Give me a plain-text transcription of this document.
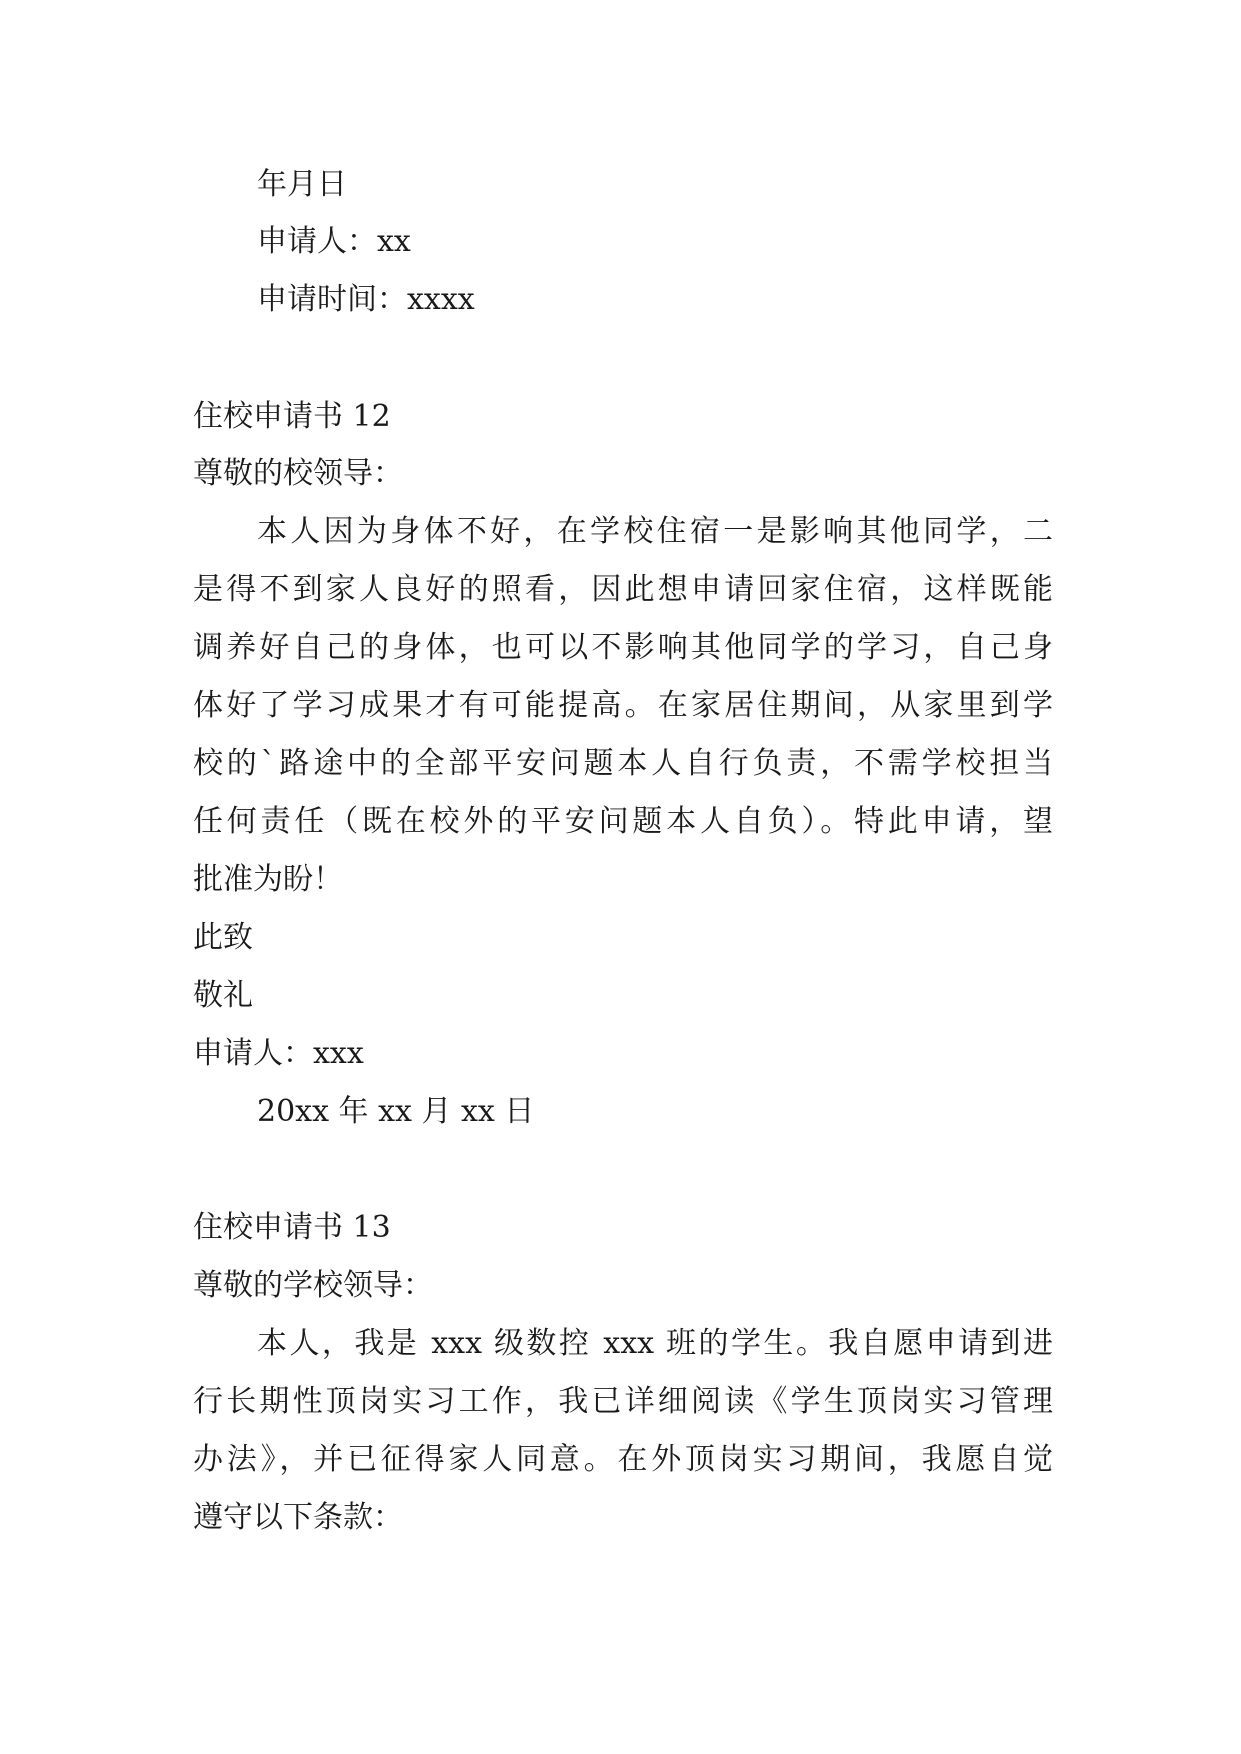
年月日
申请人：xx
申请时间：xxxx
住校申请书 12
尊敬的校领导：
本人因为身体不好，在学校住宿一是影响其他同学，二
是得不到家人良好的照看，因此想申请回家住宿，这样既能
调养好自己的身体，也可以不影响其他同学的学习，自己身
体好了学习成果才有可能提高。在家居住期间，从家里到学
校的`路途中的全部平安问题本人自行负责，不需学校担当
任何责任（既在校外的平安问题本人自负）。特此申请，望
批准为盼！
此致
敬礼
申请人：xxx
20xx 年 xx 月 xx 日
住校申请书 13
尊敬的学校领导：
本人，我是 xxx 级数控 xxx 班的学生。我自愿申请到进
行长期性顶岗实习工作，我已详细阅读《学生顶岗实习管理
办法》，并已征得家人同意。在外顶岗实习期间，我愿自觉
遵守以下条款：
